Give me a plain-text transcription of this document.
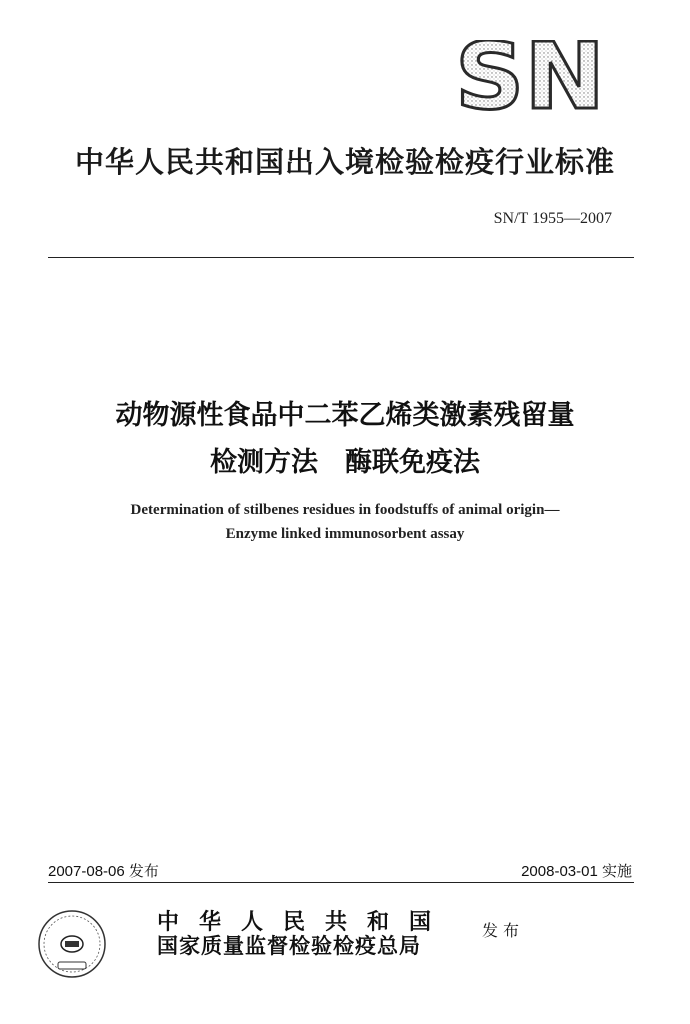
SN
中华人民共和国出入境检验检疫行业标准
SN/T 1955—2007
动物源性食品中二苯乙烯类激素残留量
检测方法　酶联免疫法
Determination of stilbenes residues in foodstuffs of animal origin—
Enzyme linked immunosorbent assay
2007-08-06 发布	2008-03-01 实施
中华人民共和国
国家质量监督检验检疫总局
发布
